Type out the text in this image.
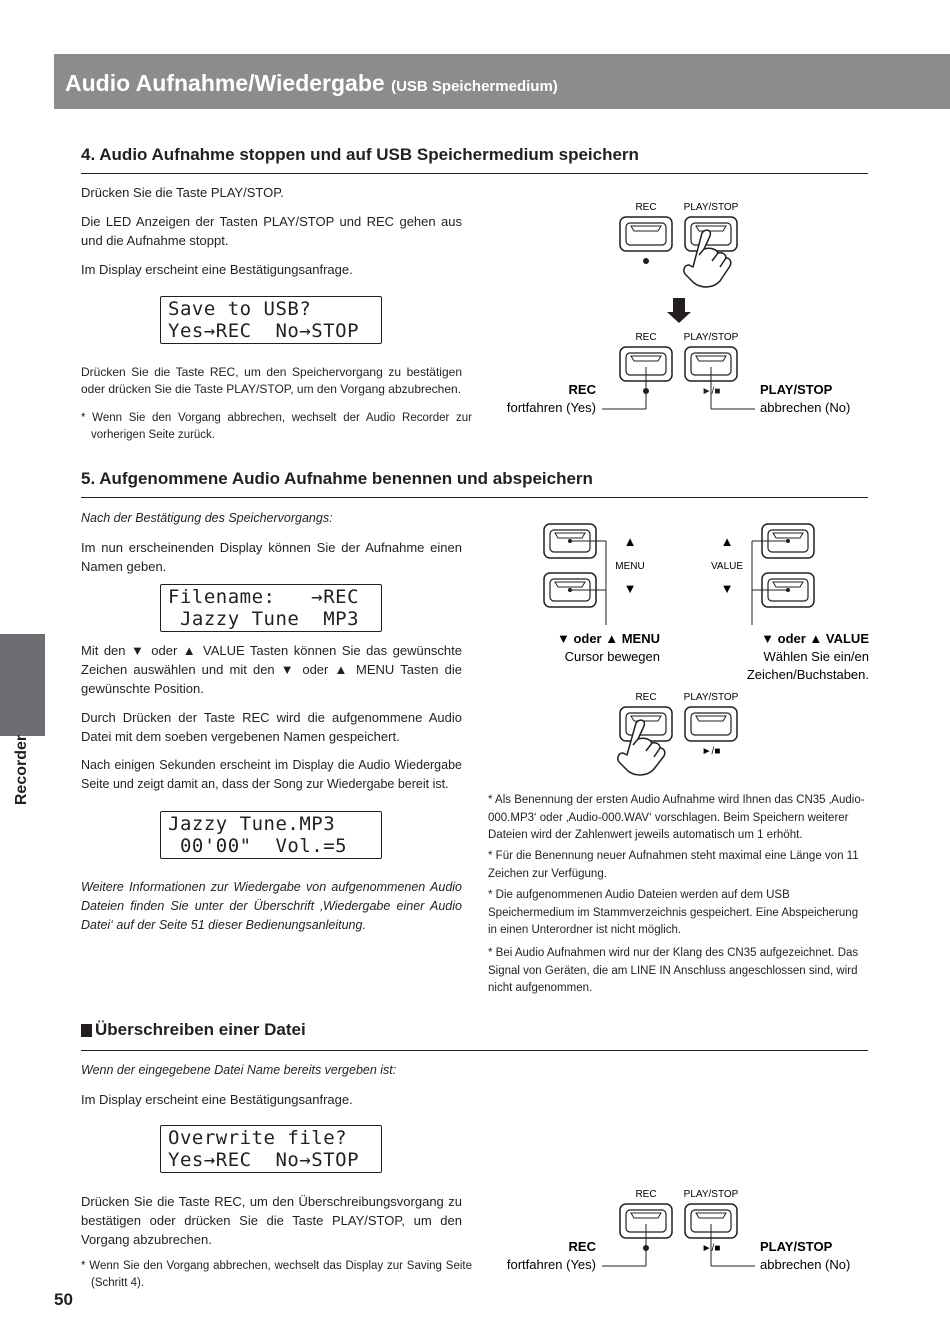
Audio Aufnahme/Wiedergabe (USB Speichermedium)
Recorder
4. Audio Aufnahme stoppen und auf USB Speichermedium speichern
Drücken Sie die Taste PLAY/STOP.
Die LED Anzeigen der Tasten PLAY/STOP und REC gehen aus und die Aufnahme stoppt.
Im Display erscheint eine Bestätigungsanfrage.
Save to USB?
Yes→REC  No→STOP
Drücken Sie die Taste REC, um den Speichervorgang zu bestätigen oder drücken Sie die Taste PLAY/STOP, um den Vorgang abzubrechen.
* Wenn Sie den Vorgang abbrechen, wechselt der Audio Recorder zur vorherigen Seite zurück.
REC	PLAY/STOP
REC	PLAY/STOP
►/■
REC
fortfahren (Yes)
PLAY/STOP
abbrechen (No)
5. Aufgenommene Audio Aufnahme benennen und abspeichern
Nach der Bestätigung des Speichervorgangs:
Im nun erscheinenden Display können Sie der Aufnahme einen Namen geben.
Filename:   →REC
Jazzy Tune  MP3
Mit den ▼ oder ▲ VALUE Tasten können Sie das gewünschte Zeichen auswählen und mit den ▼ oder ▲ MENU Tasten die gewünschte Position.
Durch Drücken der Taste REC wird die aufgenommene Audio Datei mit dem soeben vergebenen Namen gespeichert.
Nach einigen Sekunden erscheint im Display die Audio Wiedergabe Seite und zeigt damit an, dass der Song zur Wiedergabe bereit ist.
Jazzy Tune.MP3
00'00"  Vol.=5
Weitere Informationen zur Wiedergabe von aufgenommenen Audio Dateien finden Sie unter der Überschrift ‚Wiedergabe einer Audio Datei‘ auf der Seite 51 dieser Bedienungsanleitung.
▲
MENU
▼
▲
VALUE
▼
▼ oder ▲ MENU
Cursor bewegen
▼ oder ▲ VALUE
Wählen Sie ein/en
Zeichen/Buchstaben.
REC	PLAY/STOP
►/■
* Als Benennung der ersten Audio Aufnahme wird Ihnen das CN35 ‚Audio-000.MP3‘ oder ‚Audio-000.WAV‘ vorschlagen. Beim Speichern weiterer Dateien wird der Zahlenwert jeweils automatisch um 1 erhöht.
* Für die Benennung neuer Aufnahmen steht maximal eine Länge von 11 Zeichen zur Verfügung.
* Die aufgenommenen Audio Dateien werden auf dem USB Speichermedium im Stammverzeichnis gespeichert. Eine Abspeicherung in einen Unterordner ist nicht möglich.
* Bei Audio Aufnahmen wird nur der Klang des CN35 aufgezeichnet. Das Signal von Geräten, die am LINE IN Anschluss angeschlossen sind, wird nicht aufgenommen.
Überschreiben einer Datei
Wenn der eingegebene Datei Name bereits vergeben ist:
Im Display erscheint eine Bestätigungsanfrage.
Overwrite file?
Yes→REC  No→STOP
Drücken Sie die Taste REC, um den Überschreibungsvorgang zu bestätigen oder drücken Sie die Taste PLAY/STOP, um den Vorgang abzubrechen.
* Wenn Sie den Vorgang abbrechen, wechselt das Display zur Saving Seite (Schritt 4).
REC	PLAY/STOP
►/■
REC
fortfahren (Yes)
PLAY/STOP
abbrechen (No)
50
